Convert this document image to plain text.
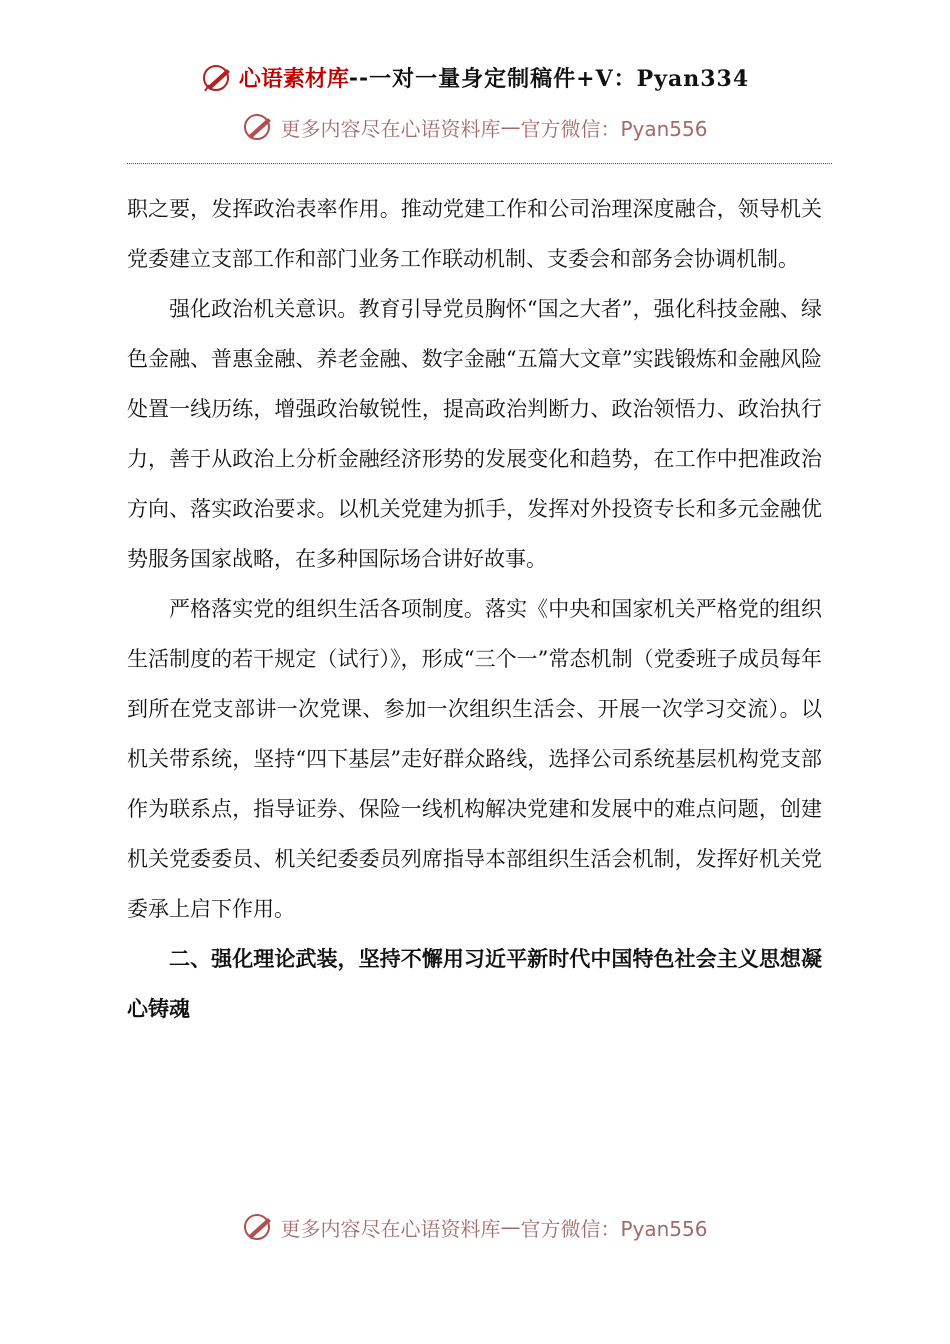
心语素材库 -- 一对一量身定制稿件 +V：Pyan334
更多内容尽在心语资料库 — 官方微信：Pyan556

职之要，发挥政治表率作用。推动党建工作和公司治理深度融合，领导机关党委建立支部工作和部门业务工作联动机制、支委会和部务会协调机制。

强化政治机关意识。教育引导党员胸怀“国之大者”，强化科技金融、绿色金融、普惠金融、养老金融、数字金融“五篇大文章”实践锻炼和金融风险处置一线历练，增强政治敏锐性，提高政治判断力、政治领悟力、政治执行力，善于从政治上分析金融经济形势的发展变化和趋势，在工作中把准政治方向、落实政治要求。以机关党建为抓手，发挥对外投资专长和多元金融优势服务国家战略，在多种国际场合讲好故事。

严格落实党的组织生活各项制度。落实《中央和国家机关严格党的组织生活制度的若干规定（试行）》，形成“三个一”常态机制（党委班子成员每年到所在党支部讲一次党课、参加一次组织生活会、开展一次学习交流）。以机关带系统，坚持“四下基层”走好群众路线，选择公司系统基层机构党支部作为联系点，指导证券、保险一线机构解决党建和发展中的难点问题，创建机关党委委员、机关纪委委员列席指导本部组织生活会机制，发挥好机关党委承上启下作用。

二、强化理论武装，坚持不懈用习近平新时代中国特色社会主义思想凝心铸魂

更多内容尽在心语资料库 — 官方微信：Pyan556
